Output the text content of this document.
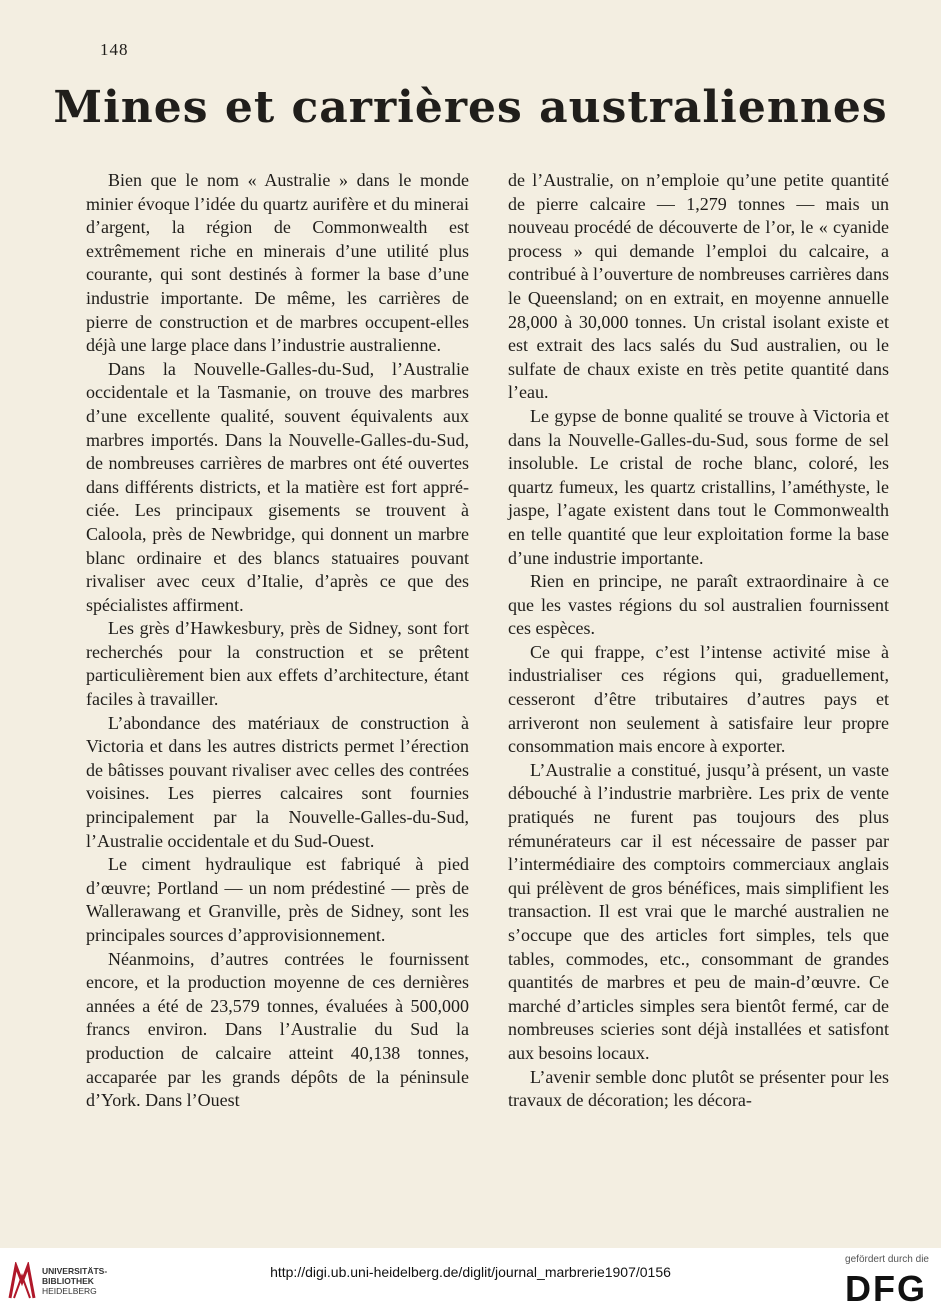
148
Mines et carrières australiennes

Bien que le nom « Australie » dans le monde minier évoque l’idée du quartz aurifère et du minerai d’argent, la région de Commonwealth est extrêmement riche en minerais d’une utilité plus courante, qui sont destinés à former la base d’une industrie importante. De même, les carrières de pierre de construction et de marbres occupent-elles déjà une large place dans l’industrie australienne.

Dans la Nouvelle-Galles-du-Sud, l’Australie occidentale et la Tasmanie, on trouve des marbres d’une excellente qualité, souvent équivalents aux marbres importés. Dans la Nouvelle-Galles-du-Sud, de nombreuses carrières de marbres ont été ouvertes dans différents districts, et la matière est fort appréciée. Les principaux gisements se trouvent à Caloola, près de Newbridge, qui donnent un marbre blanc ordinaire et des blancs statuaires pouvant rivaliser avec ceux d’Italie, d’après ce que des spécialistes affirment.

Les grès d’Hawkesbury, près de Sidney, sont fort recherchés pour la construction et se prêtent particulièrement bien aux effets d’architecture, étant faciles à travailler.

L’abondance des matériaux de construction à Victoria et dans les autres districts permet l’érection de bâtisses pouvant rivaliser avec celles des contrées voisines. Les pierres calcaires sont fournies principalement par la Nouvelle-Galles-du-Sud, l’Australie occidentale et du Sud-Ouest.

Le ciment hydraulique est fabriqué à pied d’œuvre; Portland — un nom prédestiné — près de Wallerawang et Granville, près de Sidney, sont les principales sources d’approvisionnement.

Néanmoins, d’autres contrées le fournissent encore, et la production moyenne de ces dernières années a été de 23,579 tonnes, évaluées à 500,000 francs environ. Dans l’Australie du Sud la production de calcaire atteint 40,138 tonnes, accaparée par les grands dépôts de la péninsule d’York. Dans l’Ouest

de l’Australie, on n’emploie qu’une petite quantité de pierre calcaire — 1,279 tonnes — mais un nouveau procédé de découverte de l’or, le « cyanide process » qui demande l’emploi du calcaire, a contribué à l’ouverture de nombreuses carrières dans le Queensland; on en extrait, en moyenne annuelle 28,000 à 30,000 tonnes. Un cristal isolant existe et est extrait des lacs salés du Sud australien, ou le sulfate de chaux existe en très petite quantité dans l’eau.

Le gypse de bonne qualité se trouve à Victoria et dans la Nouvelle-Galles-du-Sud, sous forme de sel insoluble. Le cristal de roche blanc, coloré, les quartz fumeux, les quartz cristallins, l’améthyste, le jaspe, l’agate existent dans tout le Commonwealth en telle quantité que leur exploitation forme la base d’une industrie importante.

Rien en principe, ne paraît extraordinaire à ce que les vastes régions du sol australien fournissent ces espèces.

Ce qui frappe, c’est l’intense activité mise à industrialiser ces régions qui, graduellement, cesseront d’être tributaires d’autres pays et arriveront non seulement à satisfaire leur propre consommation mais encore à exporter.

L’Australie a constitué, jusqu’à présent, un vaste débouché à l’industrie marbrière. Les prix de vente pratiqués ne furent pas toujours des plus rémunérateurs car il est nécessaire de passer par l’intermédiaire des comptoirs commerciaux anglais qui prélèvent de gros bénéfices, mais simplifient les transaction. Il est vrai que le marché australien ne s’occupe que des articles fort simples, tels que tables, commodes, etc., consommant de grandes quantités de marbres et peu de main-d’œuvre. Ce marché d’articles simples sera bientôt fermé, car de nombreuses scieries sont déjà installées et satisfont aux besoins locaux.

L’avenir semble donc plutôt se présenter pour les travaux de décoration; les décora-

UNIVERSITÄTS-
BIBLIOTHEK
HEIDELBERG
http://digi.ub.uni-heidelberg.de/diglit/journal_marbrerie1907/0156
gefördert durch die
DFG
